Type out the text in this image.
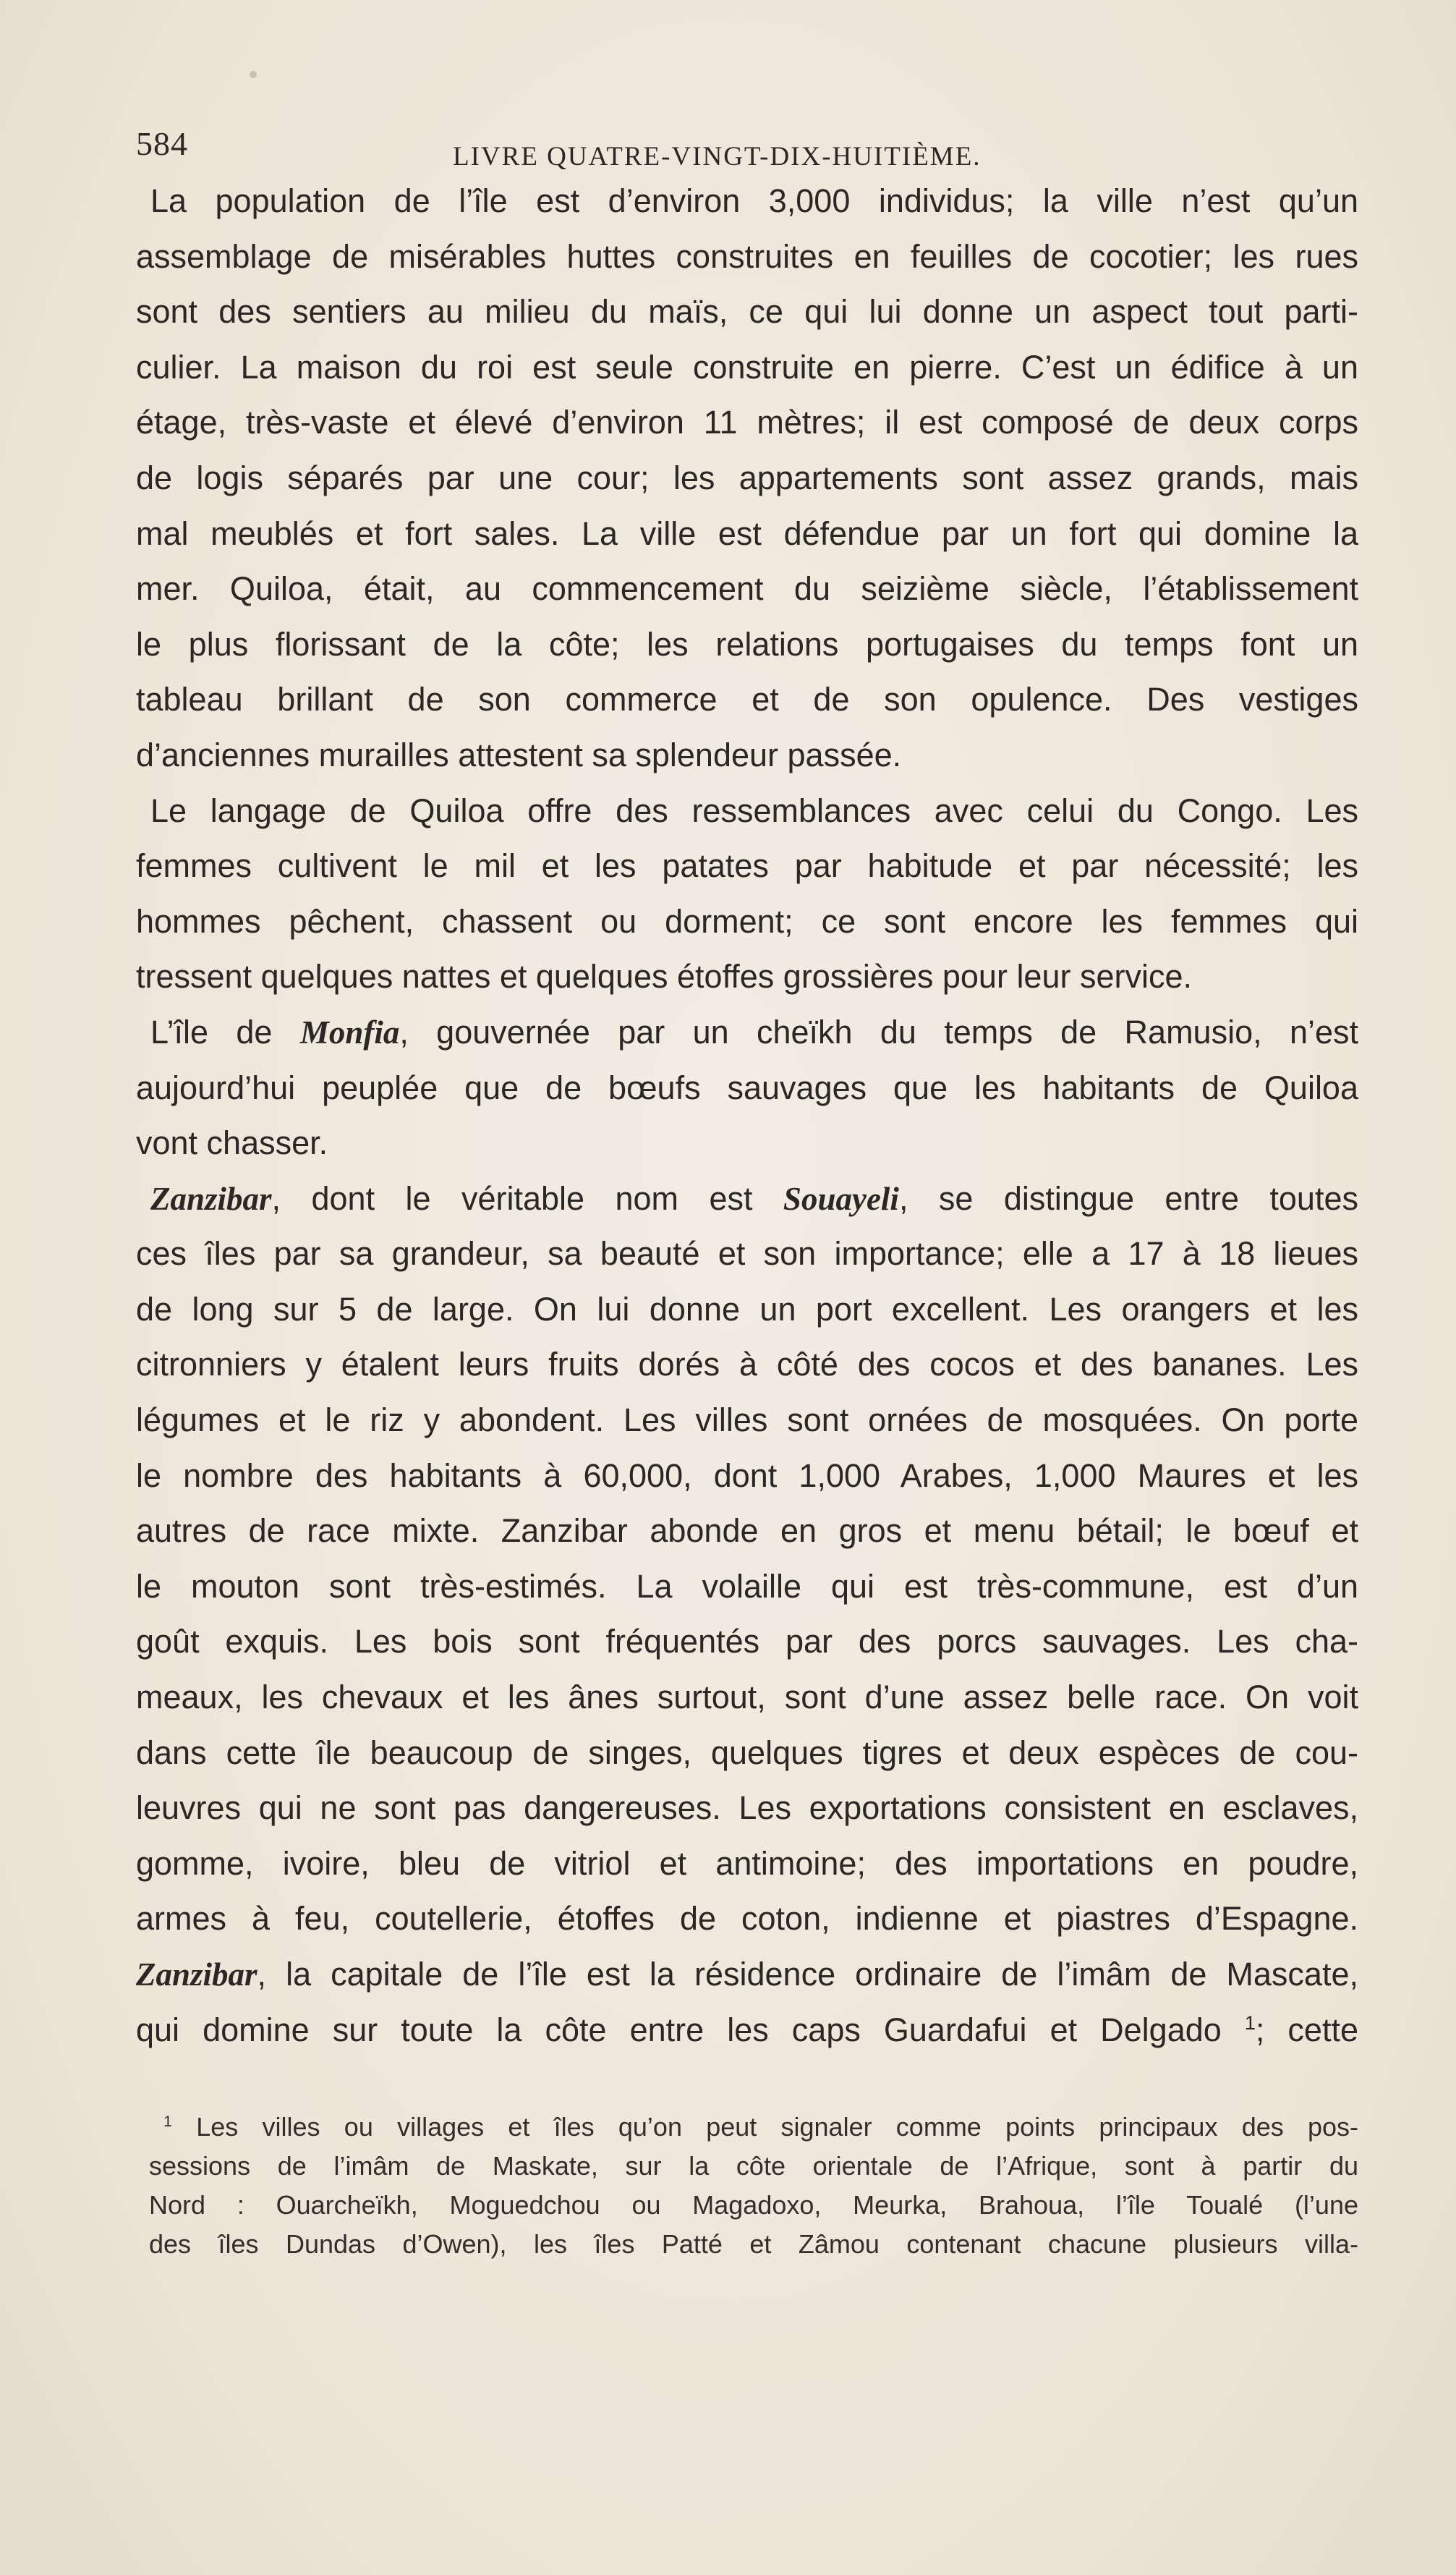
584	LIVRE QUATRE-VINGT-DIX-HUITIÈME.
La population de l’île est d’environ 3,000 individus; la ville n’est qu’un
assemblage de misérables huttes construites en feuilles de cocotier; les rues
sont des sentiers au milieu du maïs, ce qui lui donne un aspect tout parti-
culier. La maison du roi est seule construite en pierre. C’est un édifice à un
étage, très-vaste et élevé d’environ 11 mètres; il est composé de deux corps
de logis séparés par une cour; les appartements sont assez grands, mais
mal meublés et fort sales. La ville est défendue par un fort qui domine la
mer. Quiloa, était, au commencement du seizième siècle, l’établissement
le plus florissant de la côte; les relations portugaises du temps font un
tableau brillant de son commerce et de son opulence. Des vestiges
d’anciennes murailles attestent sa splendeur passée.
Le langage de Quiloa offre des ressemblances avec celui du Congo. Les
femmes cultivent le mil et les patates par habitude et par nécessité; les
hommes pêchent, chassent ou dorment; ce sont encore les femmes qui
tressent quelques nattes et quelques étoffes grossières pour leur service.
L’île de Monfia, gouvernée par un cheïkh du temps de Ramusio, n’est
aujourd’hui peuplée que de bœufs sauvages que les habitants de Quiloa
vont chasser.
Zanzibar, dont le véritable nom est Souayeli, se distingue entre toutes
ces îles par sa grandeur, sa beauté et son importance; elle a 17 à 18 lieues
de long sur 5 de large. On lui donne un port excellent. Les orangers et les
citronniers y étalent leurs fruits dorés à côté des cocos et des bananes. Les
légumes et le riz y abondent. Les villes sont ornées de mosquées. On porte
le nombre des habitants à 60,000, dont 1,000 Arabes, 1,000 Maures et les
autres de race mixte. Zanzibar abonde en gros et menu bétail; le bœuf et
le mouton sont très-estimés. La volaille qui est très-commune, est d’un
goût exquis. Les bois sont fréquentés par des porcs sauvages. Les cha-
meaux, les chevaux et les ânes surtout, sont d’une assez belle race. On voit
dans cette île beaucoup de singes, quelques tigres et deux espèces de cou-
leuvres qui ne sont pas dangereuses. Les exportations consistent en esclaves,
gomme, ivoire, bleu de vitriol et antimoine; des importations en poudre,
armes à feu, coutellerie, étoffes de coton, indienne et piastres d’Espagne.
Zanzibar, la capitale de l’île est la résidence ordinaire de l’imâm de Mascate,
qui domine sur toute la côte entre les caps Guardafui et Delgado $^1$; cette
$^1$ Les villes ou villages et îles qu’on peut signaler comme points principaux des pos-
sessions de l’imâm de Maskate, sur la côte orientale de l’Afrique, sont à partir du
Nord : Ouarcheïkh, Moguedchou ou Magadoxo, Meurka, Brahoua, l’île Toualé (l’une
des îles Dundas d’Owen), les îles Patté et Zâmou contenant chacune plusieurs villa-
